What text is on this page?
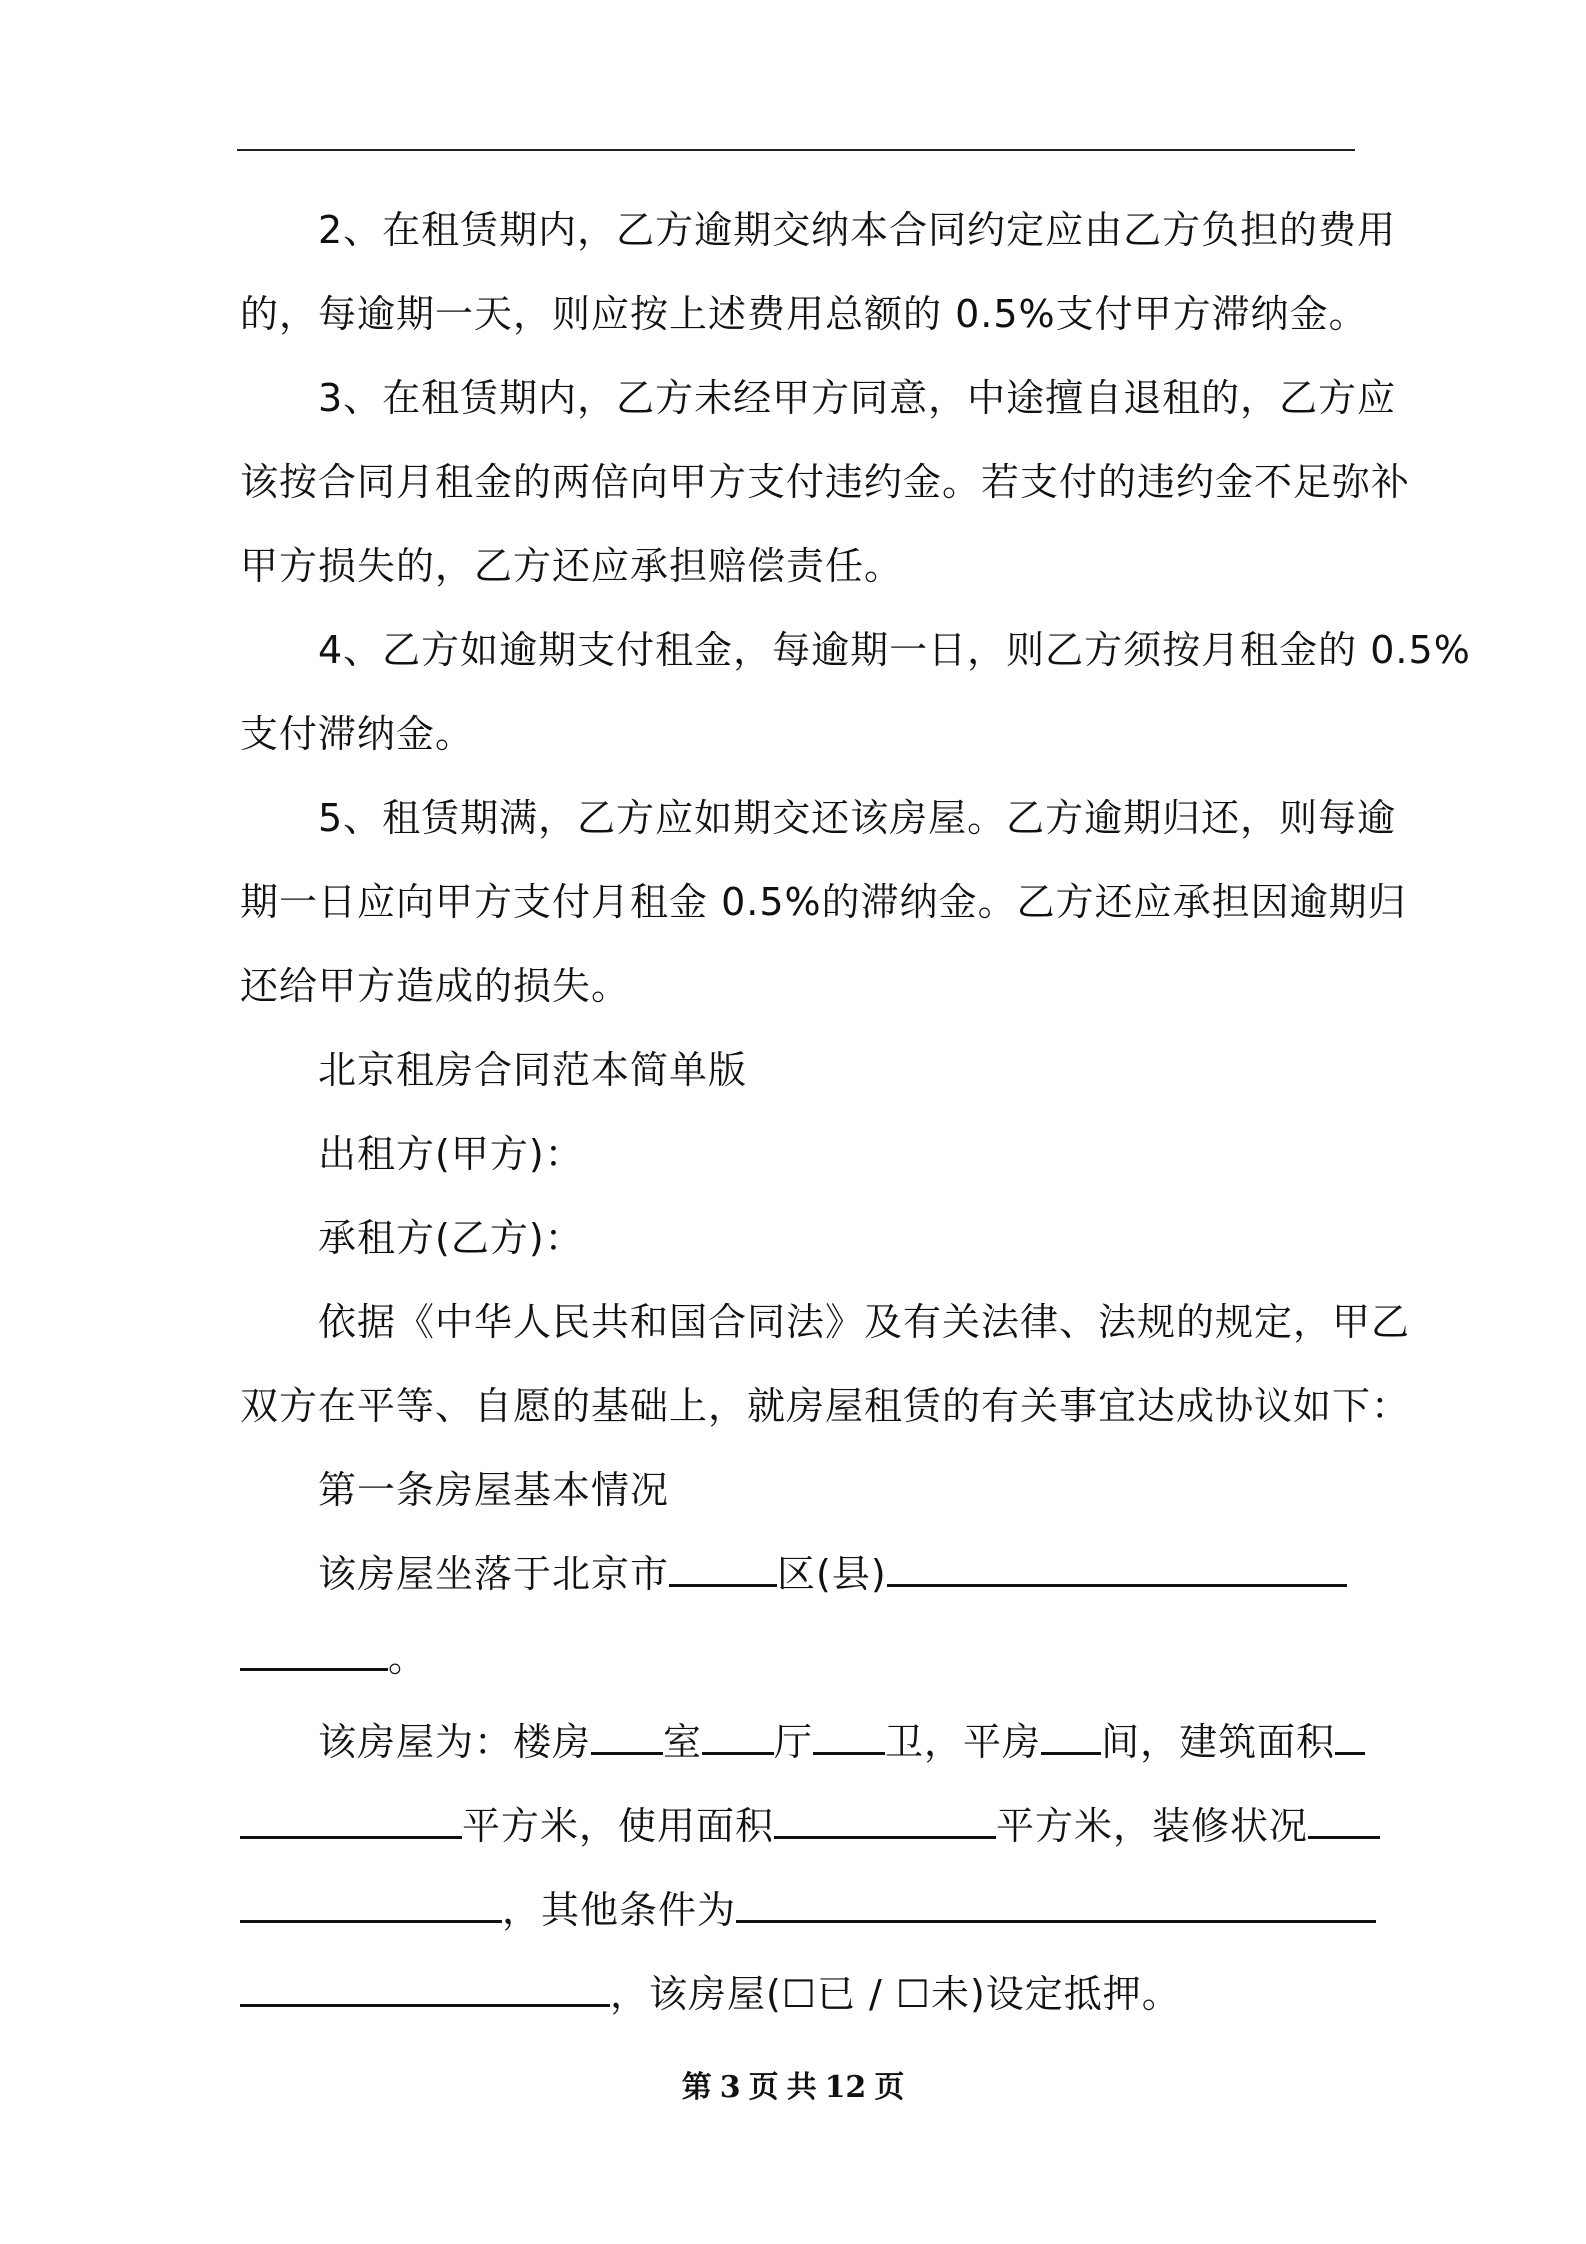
2、在租赁期内，乙方逾期交纳本合同约定应由乙方负担的费用
的，每逾期一天，则应按上述费用总额的 0.5%支付甲方滞纳金。
3、在租赁期内，乙方未经甲方同意，中途擅自退租的，乙方应
该按合同月租金的两倍向甲方支付违约金。若支付的违约金不足弥补
甲方损失的，乙方还应承担赔偿责任。
4、乙方如逾期支付租金，每逾期一日，则乙方须按月租金的 0.5%
支付滞纳金。
5、租赁期满，乙方应如期交还该房屋。乙方逾期归还，则每逾
期一日应向甲方支付月租金 0.5%的滞纳金。乙方还应承担因逾期归
还给甲方造成的损失。
北京租房合同范本简单版
出租方(甲方)：
承租方(乙方)：
依据《中华人民共和国合同法》及有关法律、法规的规定，甲乙
双方在平等、自愿的基础上，就房屋租赁的有关事宜达成协议如下：
第一条房屋基本情况
该房屋坐落于北京市	区(县)
。
该房屋为：楼房 室 厅 卫，平房 间，建筑面积
平方米，使用面积	平方米，装修状况
，其他条件为
，该房屋(☐已 / ☐未)设定抵押。
第 3 页 共 12 页
